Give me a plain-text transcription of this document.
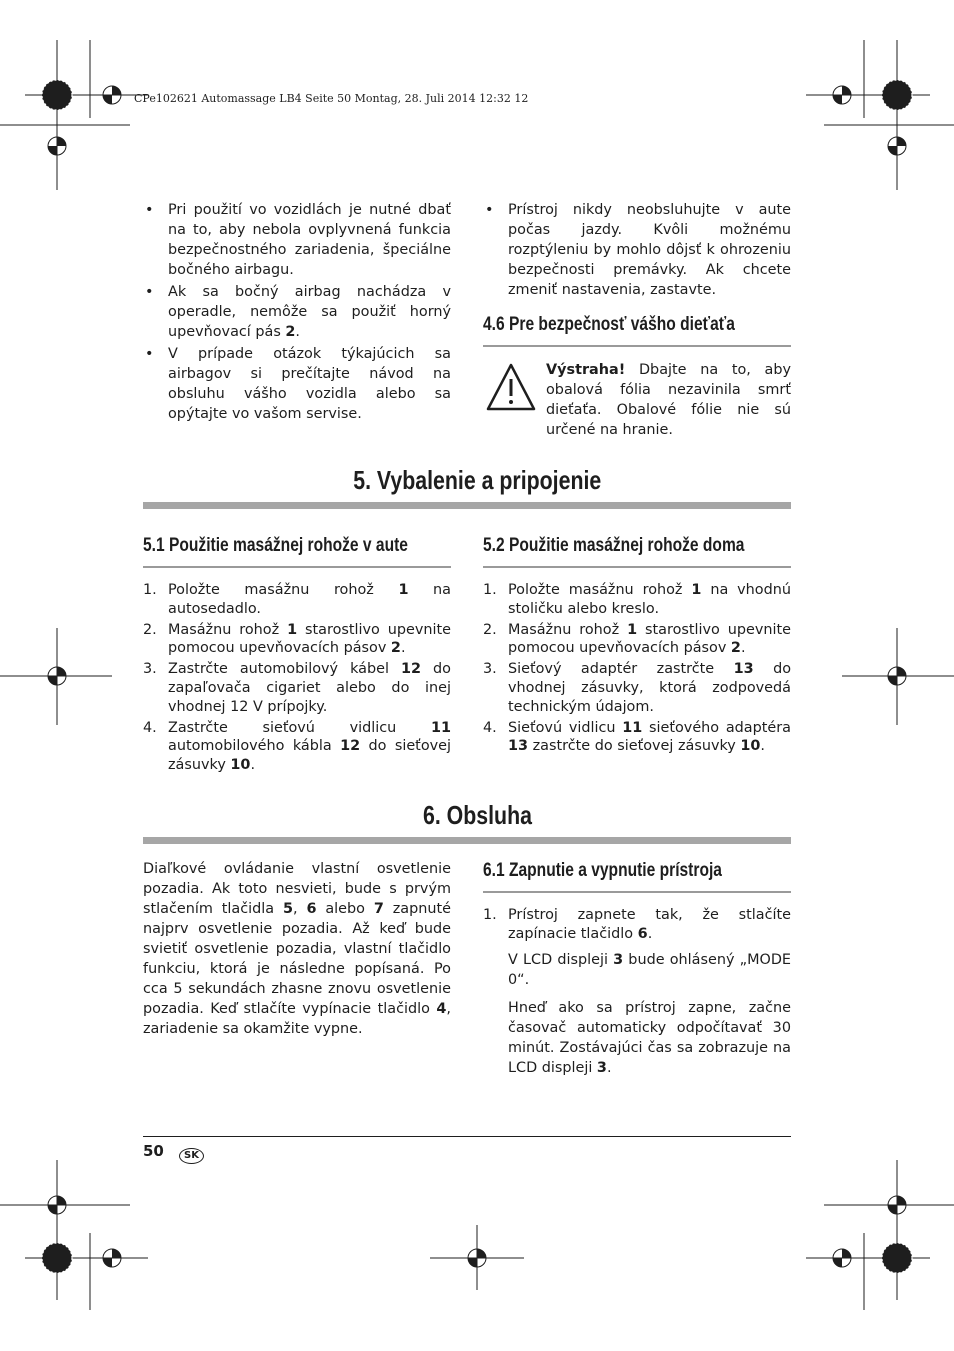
CPe102621 Automassage LB4 Seite 50 Montag, 28. Juli 2014 12:32 12
• Pri použití vo vozidlách je nutné dbať na to, aby nebola ovplyvnená funkcia bezpečnostného zariadenia, špeciálne bočného airbagu.
• Ak sa bočný airbag nachádza v operadle, nemôže sa použiť horný upevňovací pás 2.
• V prípade otázok týkajúcich sa airbagov si prečítajte návod na obsluhu vášho vozidla alebo sa opýtajte vo vašom servise.
• Prístroj nikdy neobsluhujte v aute počas jazdy. Kvôli možnému rozptýleniu by mohlo dôjsť k ohrozeniu bezpečnosti premávky. Ak chcete zmeniť nastavenia, zastavte.
4.6 Pre bezpečnosť vášho dieťaťa
Výstraha! Dbajte na to, aby obalová fólia nezavinila smrť dieťaťa. Obalové fólie nie sú určené na hranie.
5. Vybalenie a pripojenie
5.1 Použitie masážnej rohože v aute	5.2 Použitie masážnej rohože doma
1. Položte masážnu rohož 1 na autosedadlo.
2. Masážnu rohož 1 starostlivo upevnite pomocou upevňovacích pásov 2.
3. Zastrčte automobilový kábel 12 do zapaľovača cigariet alebo do inej vhodnej 12 V prípojky.
4. Zastrčte sieťovú vidlicu 11 automobilového kábla 12 do sieťovej zásuvky 10.
1. Položte masážnu rohož 1 na vhodnú stoličku alebo kreslo.
2. Masážnu rohož 1 starostlivo upevnite pomocou upevňovacích pásov 2.
3. Sieťový adaptér zastrčte 13 do vhodnej zásuvky, ktorá zodpovedá technickým údajom.
4. Sieťovú vidlicu 11 sieťového adaptéra 13 zastrčte do sieťovej zásuvky 10.
6. Obsluha

Diaľkové ovládanie vlastní osvetlenie pozadia. Ak toto nesvieti, bude s prvým stlačením tlačidla 5, 6 alebo 7 zapnuté najprv osvetlenie pozadia. Až keď bude svietiť osvetlenie pozadia, vlastní tlačidlo funkciu, ktorá je následne popísaná. Po cca 5 sekundách zhasne znovu osvetlenie pozadia. Keď stlačíte vypínacie tlačidlo 4, zariadenie sa okamžite vypne.

6.1 Zapnutie a vypnutie prístroja
1. Prístroj zapnete tak, že stlačíte zapínacie tlačidlo 6.

V LCD displeji 3 bude ohlásený „MODE 0“.

Hneď ako sa prístroj zapne, začne časovač automaticky odpočítavať 30 minút. Zostávajúci čas sa zobrazuje na LCD displeji 3.

50	SK
